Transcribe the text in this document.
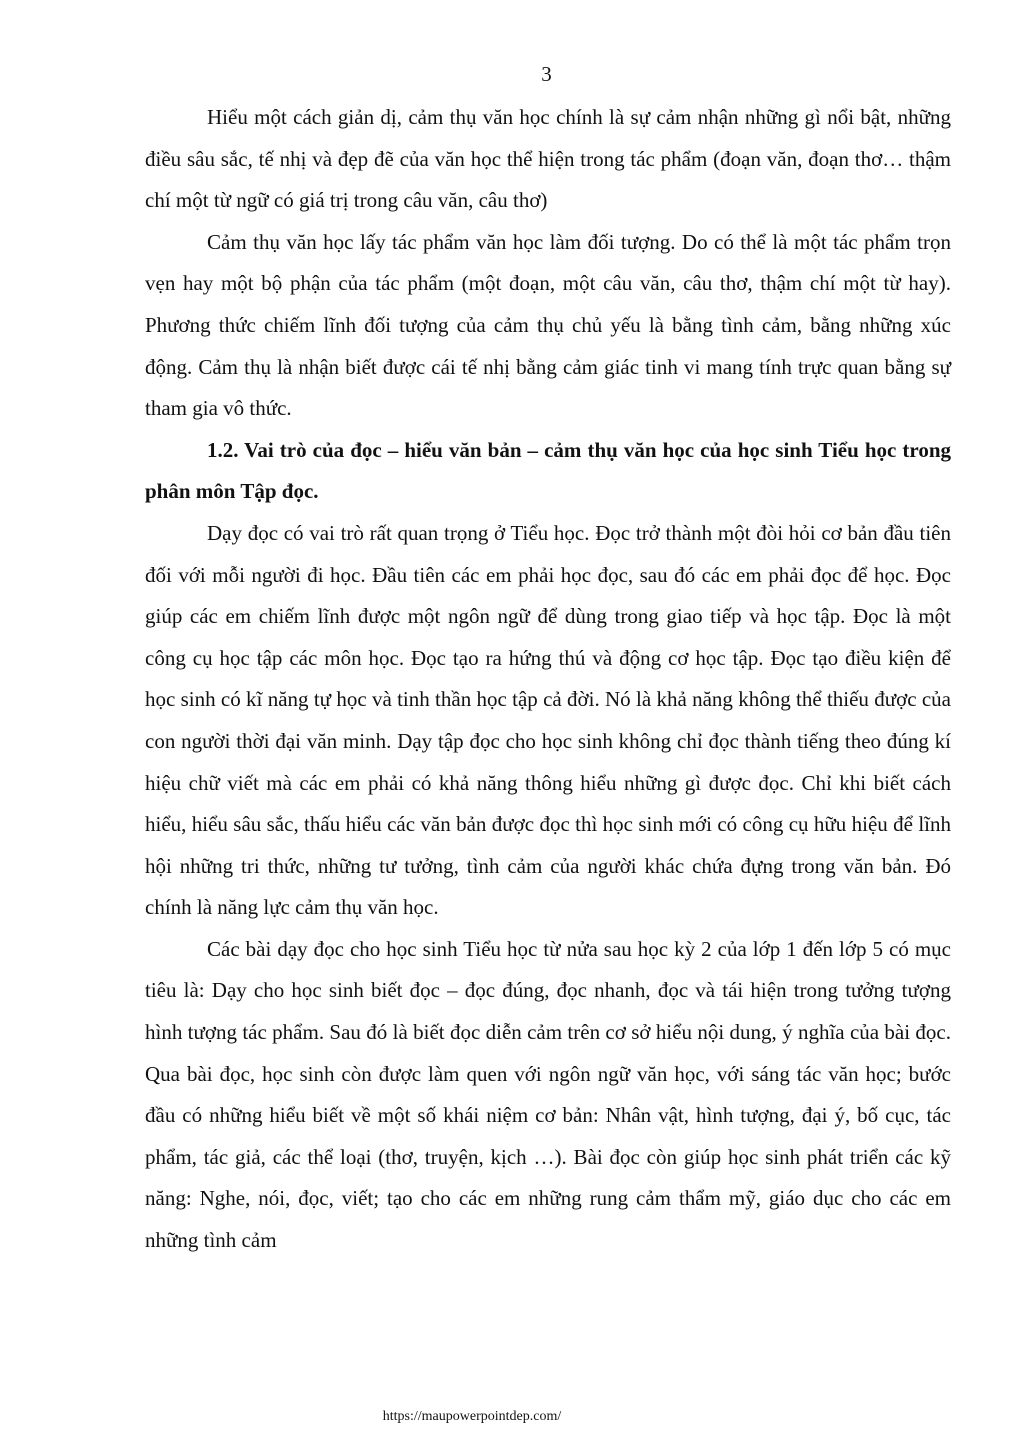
3

Hiểu một cách giản dị, cảm thụ văn học chính là sự cảm nhận những gì nổi bật, những điều sâu sắc, tế nhị và đẹp đẽ của văn học thể hiện trong tác phẩm (đoạn văn, đoạn thơ… thậm chí một từ ngữ có giá trị trong câu văn, câu thơ)

Cảm thụ văn học lấy tác phẩm văn học làm đối tượng. Do có thể là một tác phẩm trọn vẹn hay một bộ phận của tác phẩm (một đoạn, một câu văn, câu thơ, thậm chí một từ hay). Phương thức chiếm lĩnh đối tượng của cảm thụ chủ yếu là bằng tình cảm, bằng những xúc động. Cảm thụ là nhận biết được cái tế nhị bằng cảm giác tinh vi mang tính trực quan bằng sự tham gia vô thức.

1.2. Vai trò của đọc – hiểu văn bản – cảm thụ văn học của học sinh Tiểu học trong phân môn Tập đọc.

Dạy đọc có vai trò rất quan trọng ở Tiểu học. Đọc trở thành một đòi hỏi cơ bản đầu tiên đối với mỗi người đi học. Đầu tiên các em phải học đọc, sau đó các em phải đọc để học. Đọc giúp các em chiếm lĩnh được một ngôn ngữ để dùng trong giao tiếp và học tập. Đọc là một công cụ học tập các môn học. Đọc tạo ra hứng thú và động cơ học tập. Đọc tạo điều kiện để học sinh có kĩ năng tự học và tinh thần học tập cả đời. Nó là khả năng không thể thiếu được của con người thời đại văn minh. Dạy tập đọc cho học sinh không chỉ đọc thành tiếng theo đúng kí hiệu chữ viết mà các em phải có khả năng thông hiểu những gì được đọc. Chỉ khi biết cách hiểu, hiểu sâu sắc, thấu hiểu các văn bản được đọc thì học sinh mới có công cụ hữu hiệu để lĩnh hội những tri thức, những tư tưởng, tình cảm của người khác chứa đựng trong văn bản. Đó chính là năng lực cảm thụ văn học.

Các bài dạy đọc cho học sinh Tiểu học từ nửa sau học kỳ 2 của lớp 1 đến lớp 5 có mục tiêu là: Dạy cho học sinh biết đọc – đọc đúng, đọc nhanh, đọc và tái hiện trong tưởng tượng hình tượng tác phẩm. Sau đó là biết đọc diễn cảm trên cơ sở hiểu nội dung, ý nghĩa của bài đọc. Qua bài đọc, học sinh còn được làm quen với ngôn ngữ văn học, với sáng tác văn học; bước đầu có những hiểu biết về một số khái niệm cơ bản: Nhân vật, hình tượng, đại ý, bố cục, tác phẩm, tác giả, các thể loại (thơ, truyện, kịch …). Bài đọc còn giúp học sinh phát triển các kỹ năng: Nghe, nói, đọc, viết; tạo cho các em những rung cảm thẩm mỹ, giáo dục cho các em những tình cảm

https://maupowerpointdep.com/
